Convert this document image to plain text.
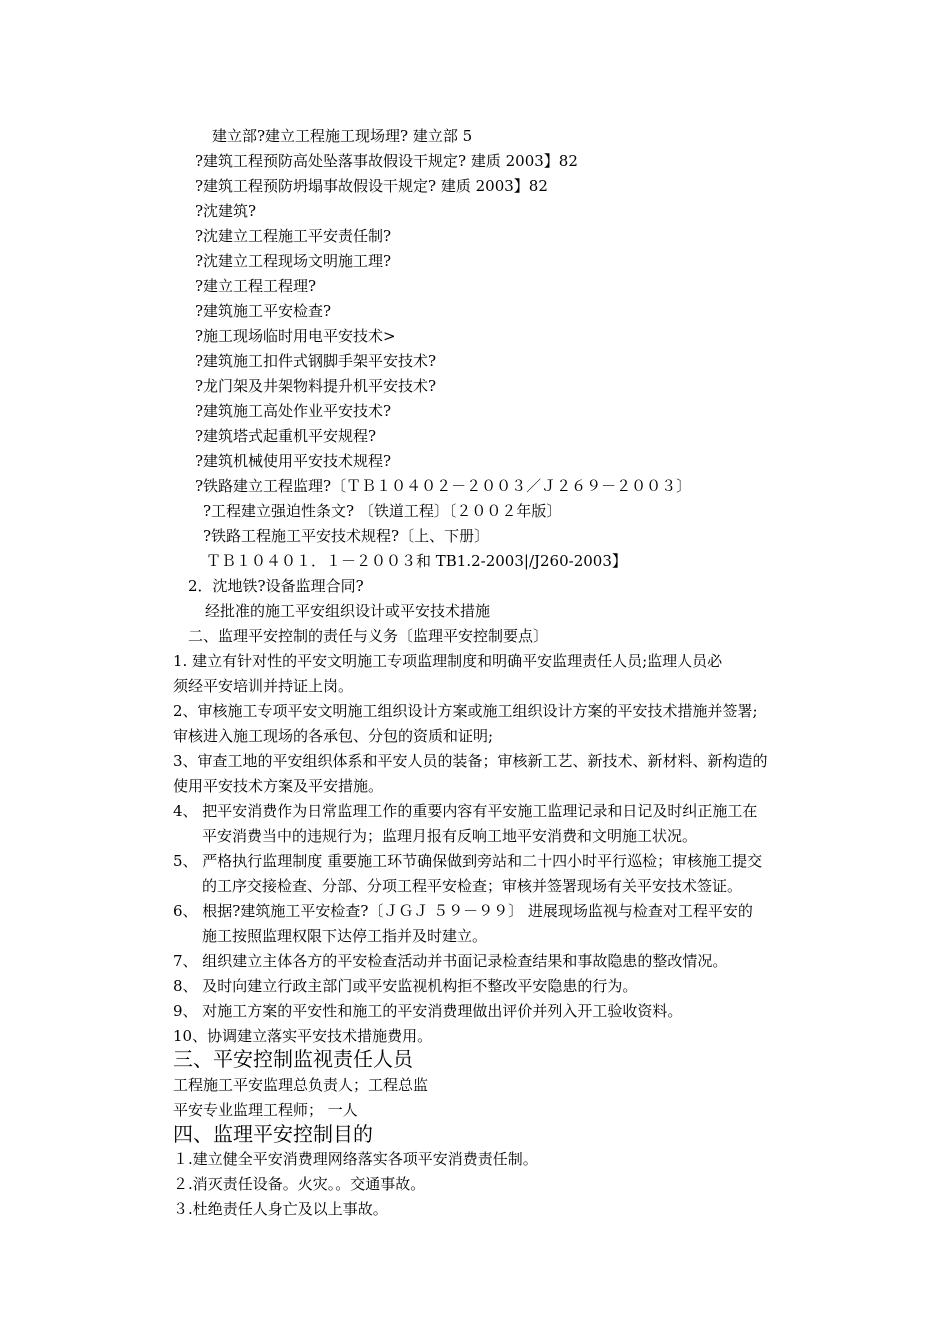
建立部?建立工程施工现场理? 建立部 5
?建筑工程预防高处坠落事故假设干规定? 建质 2003】82
?建筑工程预防坍塌事故假设干规定? 建质 2003】82
?沈建筑?
?沈建立工程施工平安责任制?
?沈建立工程现场文明施工理?
?建立工程工程理?
?建筑施工平安检查?
?施工现场临时用电平安技术>
?建筑施工扣件式钢脚手架平安技术?
?龙门架及井架物料提升机平安技术?
?建筑施工高处作业平安技术?
?建筑塔式起重机平安规程?
?建筑机械使用平安技术规程?
?铁路建立工程监理?〔ＴＢ１０４０２－２００３／Ｊ２６９－２００３〕
?工程建立强迫性条文? 〔铁道工程〕〔２００２年版〕
?铁路工程施工平安技术规程?〔上、下册〕
ＴＢ１０４０１．１－２００３和 TB1.2-2003|/J260-2003】
2．沈地铁?设备监理合同?
经批准的施工平安组织设计或平安技术措施
二、监理平安控制的责任与义务〔监理平安控制要点〕
1. 建立有针对性的平安文明施工专项监理制度和明确平安监理责任人员;监理人员必
须经平安培训并持证上岗。
2、审核施工专项平安文明施工组织设计方案或施工组织设计方案的平安技术措施并签署;
审核进入施工现场的各承包、分包的资质和证明;
3、审查工地的平安组织体系和平安人员的装备；审核新工艺、新技术、新材料、新构造的
使用平安技术方案及平安措施。
4、 把平安消费作为日常监理工作的重要内容有平安施工监理记录和日记及时纠正施工在
平安消费当中的违规行为；监理月报有反响工地平安消费和文明施工状况。
5、 严格执行监理制度 重要施工环节确保做到旁站和二十四小时平行巡检；审核施工提交
的工序交接检查、分部、分项工程平安检查；审核并签署现场有关平安技术签证。
6、 根据?建筑施工平安检查?〔ＪＧＪ ５９－９９〕 进展现场监视与检查对工程平安的
施工按照监理权限下达停工指并及时建立。
7、 组织建立主体各方的平安检查活动并书面记录检查结果和事故隐患的整改情况。
8、 及时向建立行政主部门或平安监视机构拒不整改平安隐患的行为。
9、 对施工方案的平安性和施工的平安消费理做出评价并列入开工验收资料。
10、协调建立落实平安技术措施费用。
三、平安控制监视责任人员
工程施工平安监理总负责人；工程总监
平安专业监理工程师； 一人
四、监理平安控制目的
１.建立健全平安消费理网络落实各项平安消费责任制。
２.消灭责任设备。火灾。。交通事故。
３.杜绝责任人身亡及以上事故。
